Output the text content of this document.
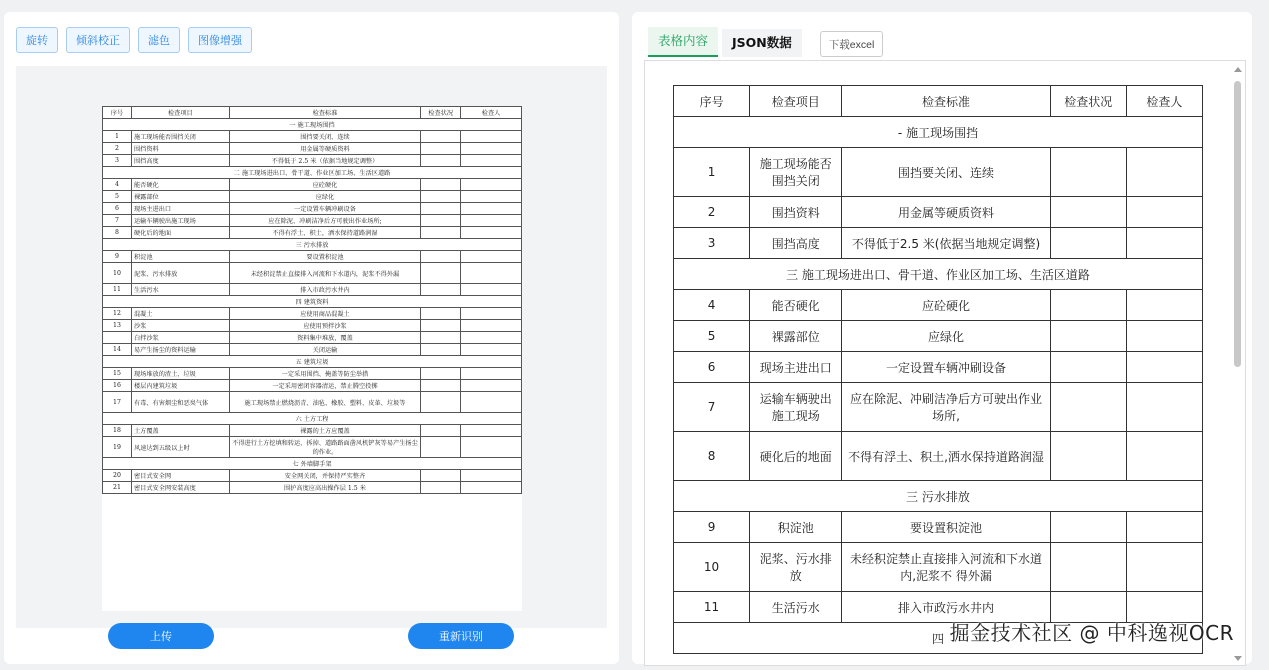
旋转	倾斜校正	滤色	图像增强
序号	检查项目	检查标准	检查状况	检查人
一 施工现场围挡				
1	施工现场能否围挡关闭	围挡要关闭、连续		
2	围挡资料	用金属等硬质资料		
3	围挡高度	不得低于 2.5 米（依据当地规定调整）		
二 施工现场进出口、骨干道、作业区加工场、生活区道路				
4	能否硬化	应砼硬化		
5	裸露部位	应绿化		
6	现场主进出口	一定设置车辆冲刷设备		
7	运输车辆驶出施工现场	应在除泥、冲刷洁净后方可驶出作业场所;		
8	硬化后的地面	不得有浮土、积土，洒水保持道路润湿		
三 污水排放				
9	积淀池	要设置积淀池		
10	泥浆、污水排放	未经积淀禁止直接排入河流和下水道内，泥浆不得外漏		
11	生活污水	排入市政污水井内		
四 建筑资料				
12	混凝土	应使用商品混凝土		
13	沙浆	应使用预拌沙浆		
	白拌沙浆	资料集中堆放，覆盖		
14	易产生扬尘的资料运输	关闭运输		
五 建筑垃圾				
15	现场堆放的渣土、垃圾	一定采用围挡、掩盖等防尘举措		
16	楼层内建筑垃圾	一定采用密闭容器清运，禁止腾空投掷		
17	有毒、有害烟尘和恶臭气体	施工现场禁止燃烧沥青、油毡、橡胶、塑料、皮革、垃圾等		
六 土方工程				
18	土方覆盖	裸露的土方应覆盖		
19	风速达到五级以上时	不得进行土方挖填和转运、拆掉、道路路面凿风机铲灰等易产生扬尘的作业。		
七 外墙脚手架				
20	密目式安全网	安全网关闭，并保持严实整齐		
21	密目式安全网安装高度	围护高度应高出操作层 1.5 米		
上传	重新识别
表格内容	JSON数据	下载excel
序号	检查项目	检查标准	检查状况	检查人
- 施工现场围挡				
1	施工现场能否围挡关闭	围挡要关闭、连续		
2	围挡资料	用金属等硬质资料		
3	围挡高度	不得低于2.5 米(依据当地规定调整)		
三 施工现场进出口、骨干道、作业区加工场、生活区道路				
4	能否硬化	应砼硬化		
5	裸露部位	应绿化		
6	现场主进出口	一定设置车辆冲刷设备		
7	运输车辆驶出施工现场	应在除泥、冲刷洁净后方可驶出作业场所,		
8	硬化后的地面	不得有浮土、积土,洒水保持道路润湿		
三 污水排放				
9	积淀池	要设置积淀池		
10	泥浆、污水排放	未经积淀禁止直接排入河流和下水道内,泥浆不 得外漏		
11	生活污水	排入市政污水井内		
四				掘金技术社区 @ 中科逸视OCR
